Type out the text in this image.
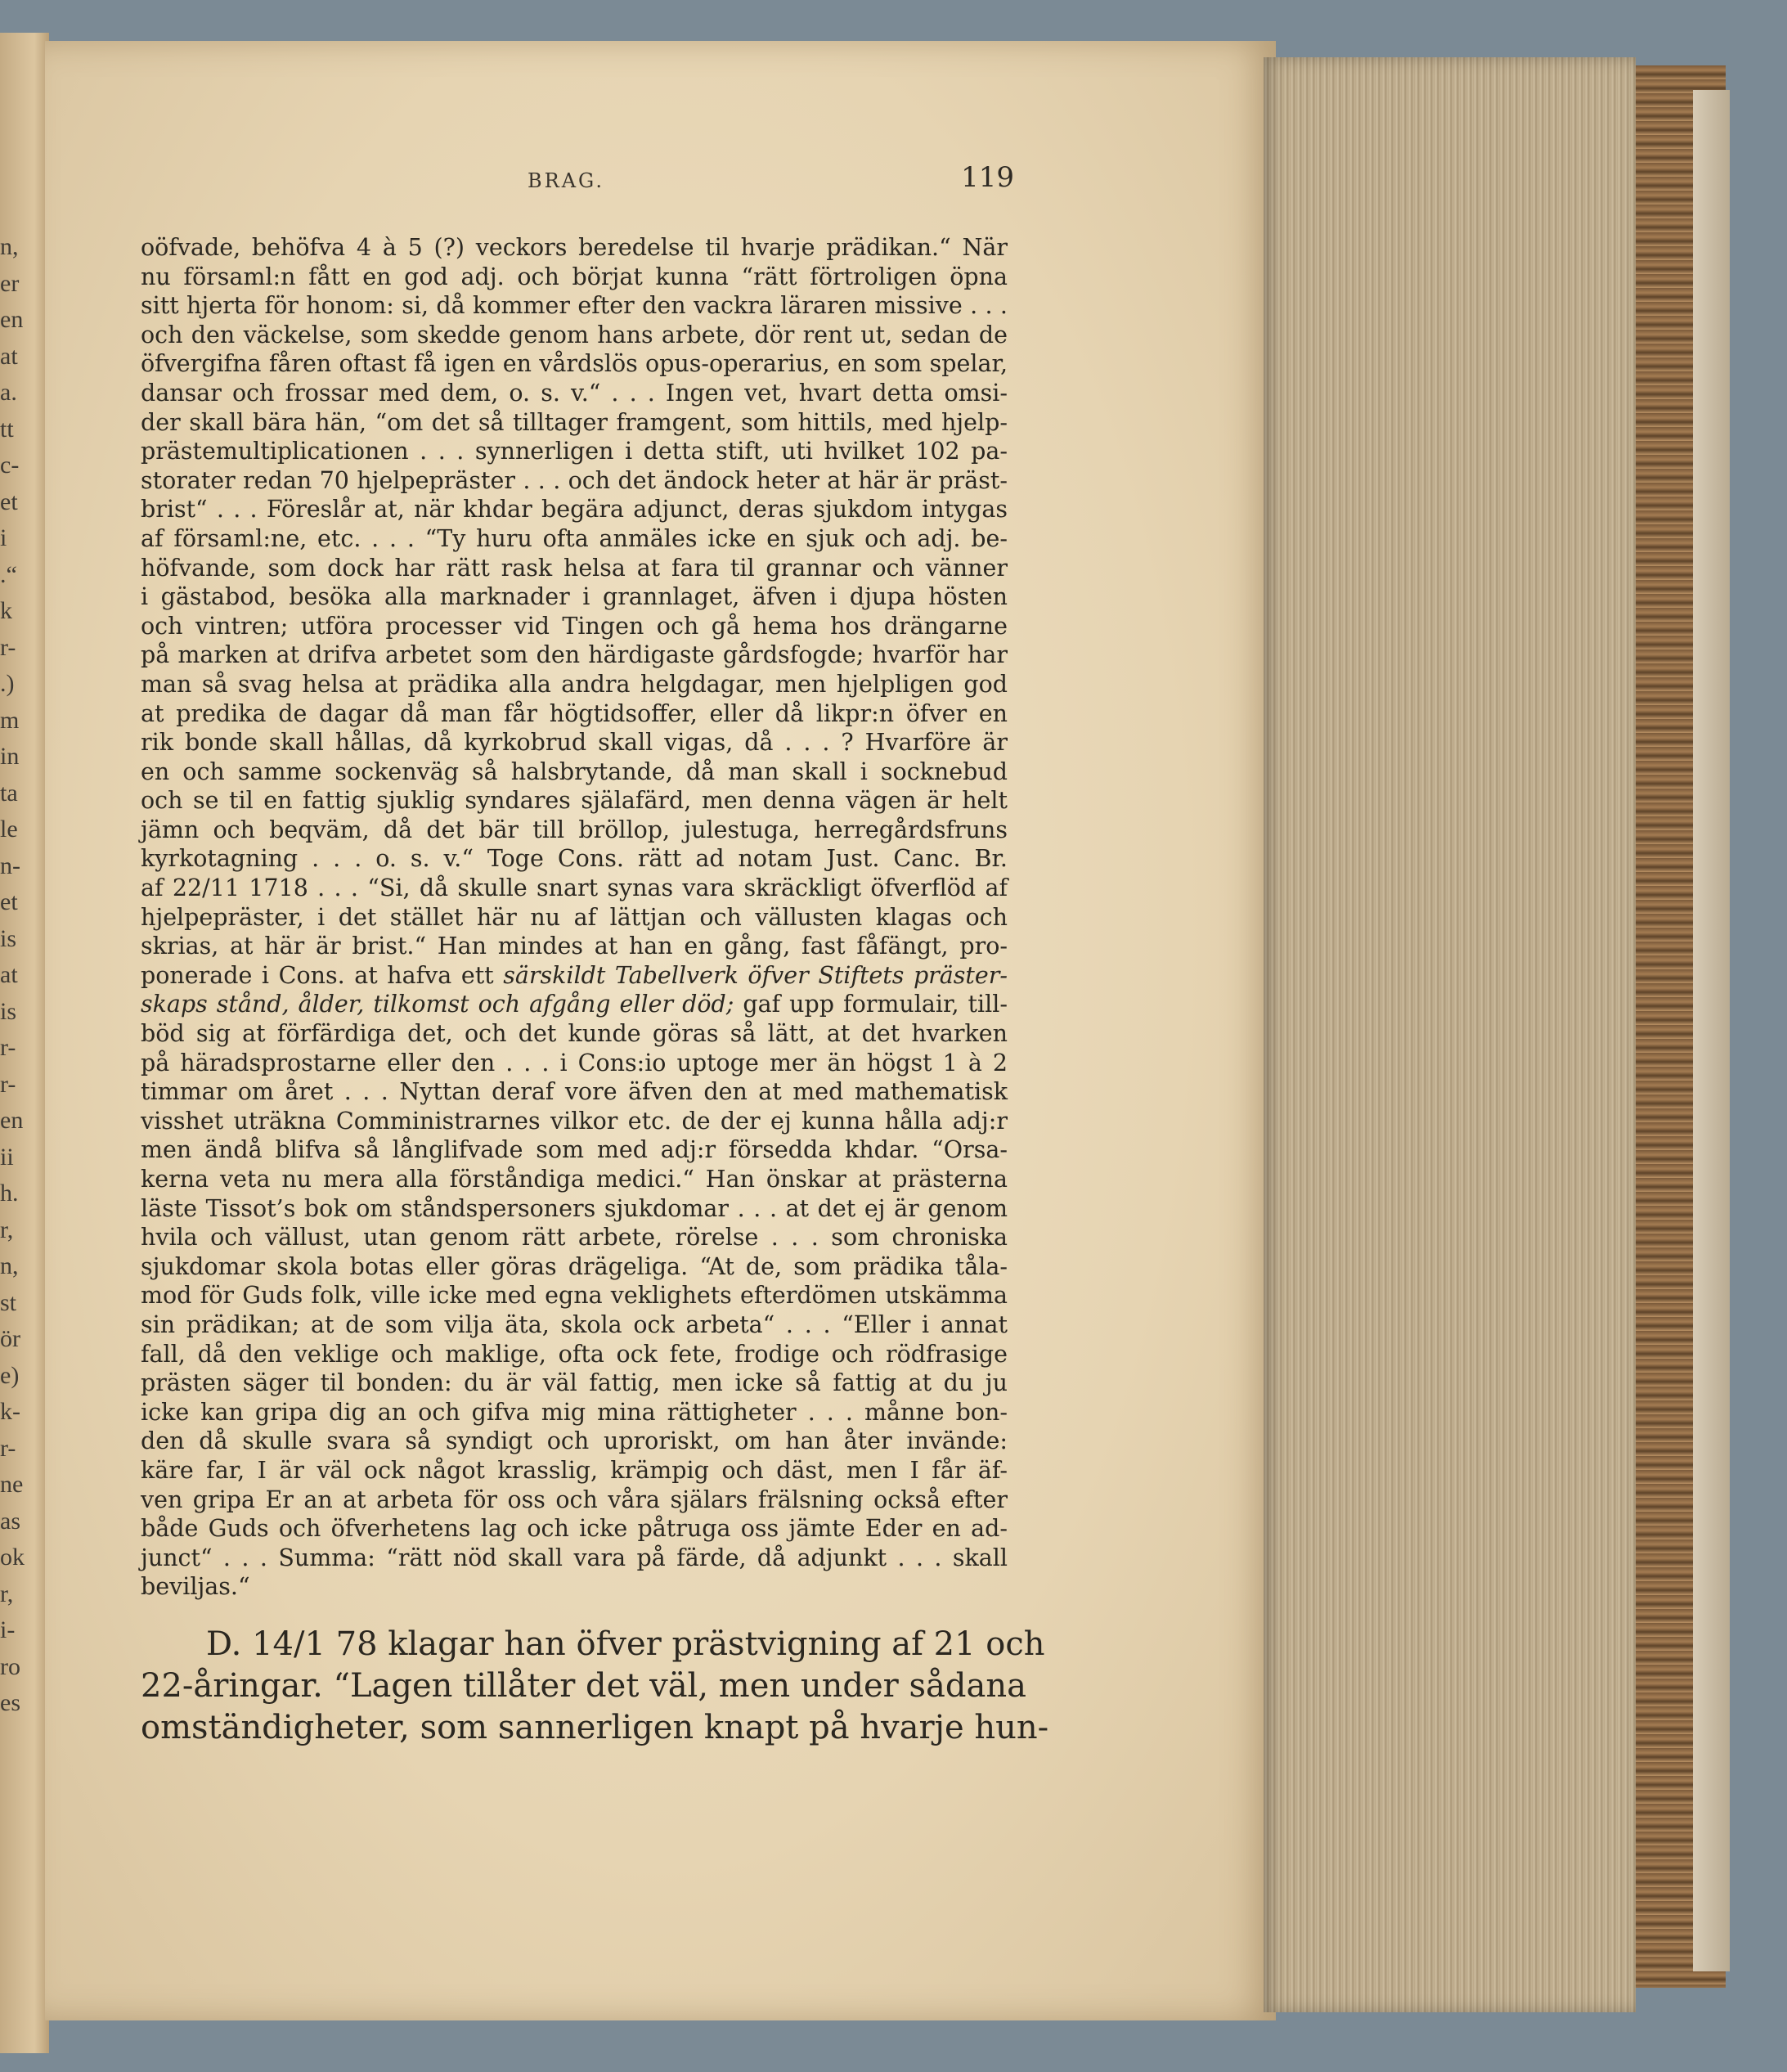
n,
er
en
at
a.
tt
c-
et
i
.“
k
r-
.)
m
in
ta
le
n-
et
is
at
is
r-
r-
en
ii
h.
r,
n,
st
ör
e)
k-
r-
ne
as
ok
r,
i-
ro
es
BRAG.	119
oöfvade, behöfva 4 à 5 (?) veckors beredelse til hvarje prädikan.“ När
nu församl:n fått en god adj. och börjat kunna “rätt förtroligen öpna
sitt hjerta för honom: si, då kommer efter den vackra läraren missive . . .
och den väckelse, som skedde genom hans arbete, dör rent ut, sedan de
öfvergifna fåren oftast få igen en vårdslös opus-operarius, en som spelar,
dansar och frossar med dem, o. s. v.“ . . . Ingen vet, hvart detta omsi-
der skall bära hän, “om det så tilltager framgent, som hittils, med hjelp-
prästemultiplicationen . . . synnerligen i detta stift, uti hvilket 102 pa-
storater redan 70 hjelpepräster . . . och det ändock heter at här är präst-
brist“ . . . Föreslår at, när khdar begära adjunct, deras sjukdom intygas
af församl:ne, etc. . . . “Ty huru ofta anmäles icke en sjuk och adj. be-
höfvande, som dock har rätt rask helsa at fara til grannar och vänner
i gästabod, besöka alla marknader i grannlaget, äfven i djupa hösten
och vintren; utföra processer vid Tingen och gå hema hos drängarne
på marken at drifva arbetet som den härdigaste gårdsfogde; hvarför har
man så svag helsa at prädika alla andra helgdagar, men hjelpligen god
at predika de dagar då man får högtidsoffer, eller då likpr:n öfver en
rik bonde skall hållas, då kyrkobrud skall vigas, då . . . ? Hvarföre är
en och samme sockenväg så halsbrytande, då man skall i socknebud
och se til en fattig sjuklig syndares själafärd, men denna vägen är helt
jämn och beqväm, då det bär till bröllop, julestuga, herregårdsfruns
kyrkotagning . . . o. s. v.“ Toge Cons. rätt ad notam Just. Canc. Br.
af 22/11 1718 . . . “Si, då skulle snart synas vara skräckligt öfverflöd af
hjelpepräster, i det stället här nu af lättjan och vällusten klagas och
skrias, at här är brist.“ Han mindes at han en gång, fast fåfängt, pro-
ponerade i Cons. at hafva ett särskildt Tabellverk öfver Stiftets präster-
skaps stånd, ålder, tilkomst och afgång eller död; gaf upp formulair, till-
böd sig at förfärdiga det, och det kunde göras så lätt, at det hvarken
på häradsprostarne eller den . . . i Cons:io uptoge mer än högst 1 à 2
timmar om året . . . Nyttan deraf vore äfven den at med mathematisk
visshet uträkna Comministrarnes vilkor etc. de der ej kunna hålla adj:r
men ändå blifva så långlifvade som med adj:r försedda khdar. “Orsa-
kerna veta nu mera alla förståndiga medici.“ Han önskar at prästerna
läste Tissot’s bok om ståndspersoners sjukdomar . . . at det ej är genom
hvila och vällust, utan genom rätt arbete, rörelse . . . som chroniska
sjukdomar skola botas eller göras drägeliga. “At de, som prädika tåla-
mod för Guds folk, ville icke med egna veklighets efterdömen utskämma
sin prädikan; at de som vilja äta, skola ock arbeta“ . . . “Eller i annat
fall, då den veklige och maklige, ofta ock fete, frodige och rödfrasige
prästen säger til bonden: du är väl fattig, men icke så fattig at du ju
icke kan gripa dig an och gifva mig mina rättigheter . . . månne bon-
den då skulle svara så syndigt och uproriskt, om han åter invände:
käre far, I är väl ock något krasslig, krämpig och däst, men I får äf-
ven gripa Er an at arbeta för oss och våra själars frälsning också efter
både Guds och öfverhetens lag och icke påtruga oss jämte Eder en ad-
junct“ . . . Summa: “rätt nöd skall vara på färde, då adjunkt . . . skall
beviljas.“
D. 14/1 78 klagar han öfver prästvigning af 21 och
22-åringar. “Lagen tillåter det väl, men under sådana
omständigheter, som sannerligen knapt på hvarje hun-
